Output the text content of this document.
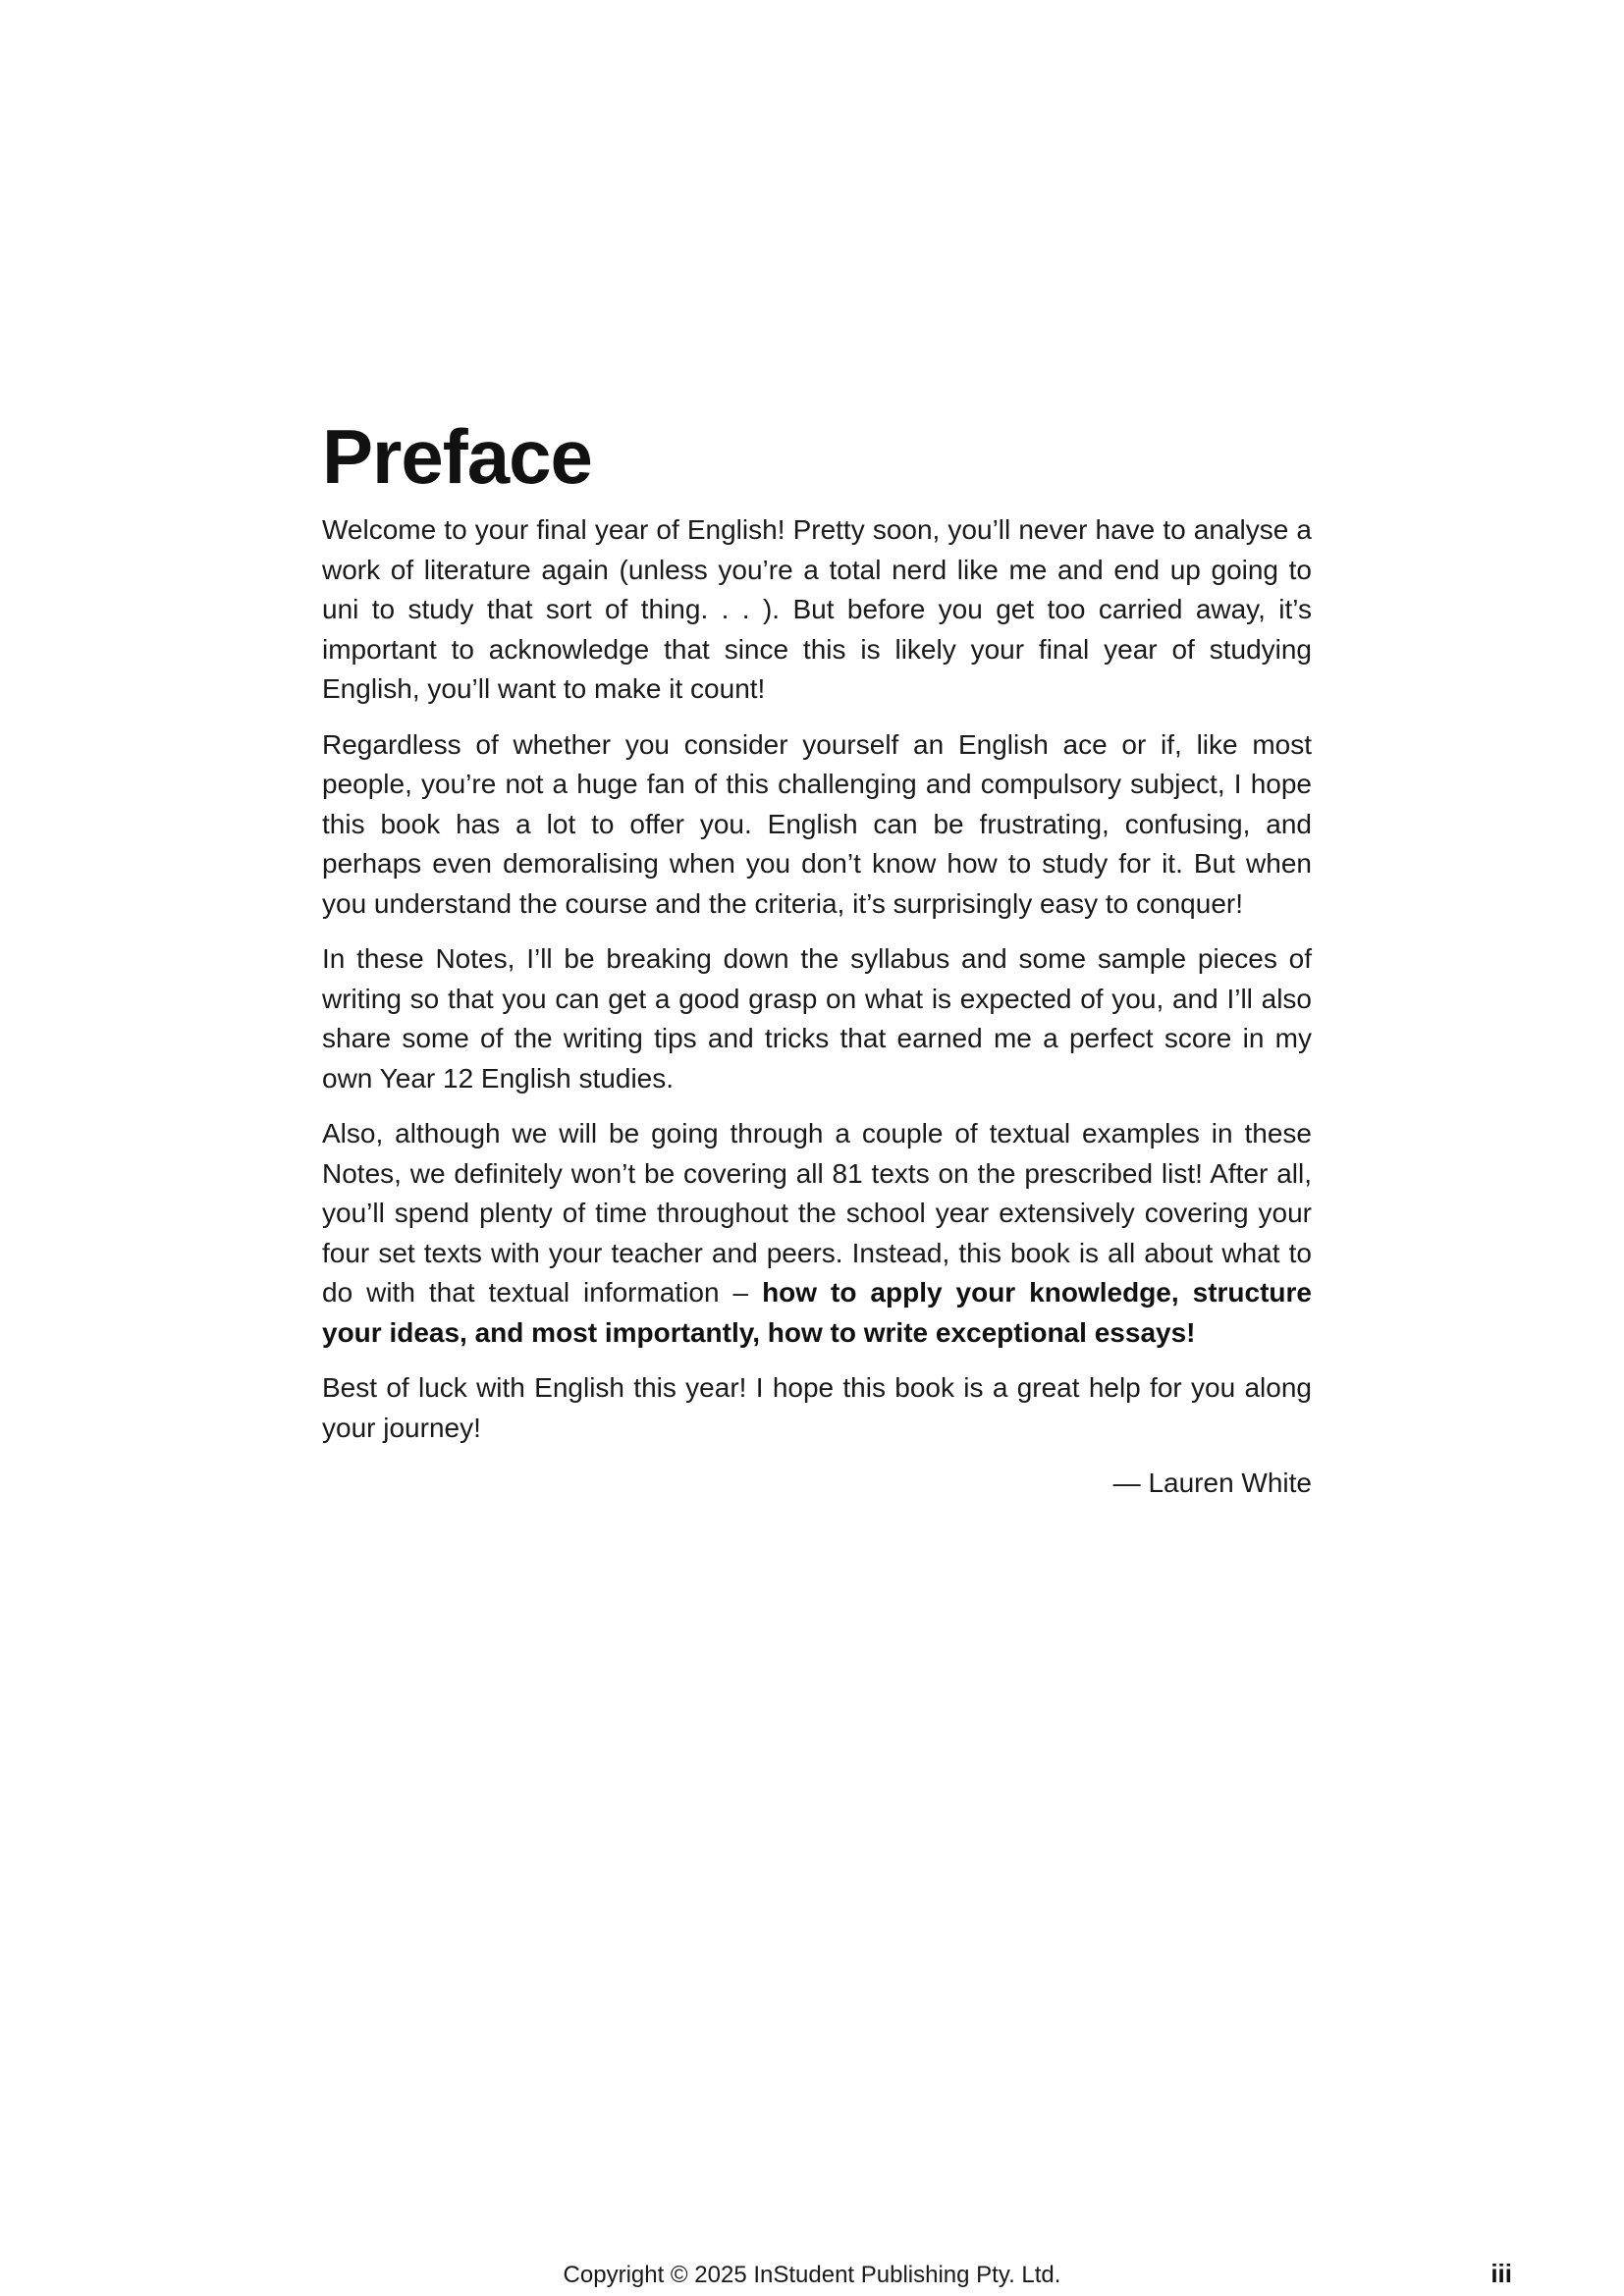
Preface

Welcome to your final year of English! Pretty soon, you’ll never have to analyse a work of literature again (unless you’re a total nerd like me and end up going to uni to study that sort of thing. . . ). But before you get too carried away, it’s important to acknowledge that since this is likely your final year of studying English, you’ll want to make it count!

Regardless of whether you consider yourself an English ace or if, like most people, you’re not a huge fan of this challenging and compulsory subject, I hope this book has a lot to offer you. English can be frustrating, confusing, and perhaps even demoralising when you don’t know how to study for it. But when you understand the course and the criteria, it’s surprisingly easy to conquer!

In these Notes, I’ll be breaking down the syllabus and some sample pieces of writing so that you can get a good grasp on what is expected of you, and I’ll also share some of the writing tips and tricks that earned me a perfect score in my own Year 12 English studies.

Also, although we will be going through a couple of textual examples in these Notes, we definitely won’t be covering all 81 texts on the prescribed list! After all, you’ll spend plenty of time throughout the school year extensively covering your four set texts with your teacher and peers. Instead, this book is all about what to do with that textual information – how to apply your knowledge, structure your ideas, and most importantly, how to write exceptional essays!

Best of luck with English this year! I hope this book is a great help for you along your journey!

— Lauren White
Copyright © 2025 InStudent Publishing Pty. Ltd.	iii
